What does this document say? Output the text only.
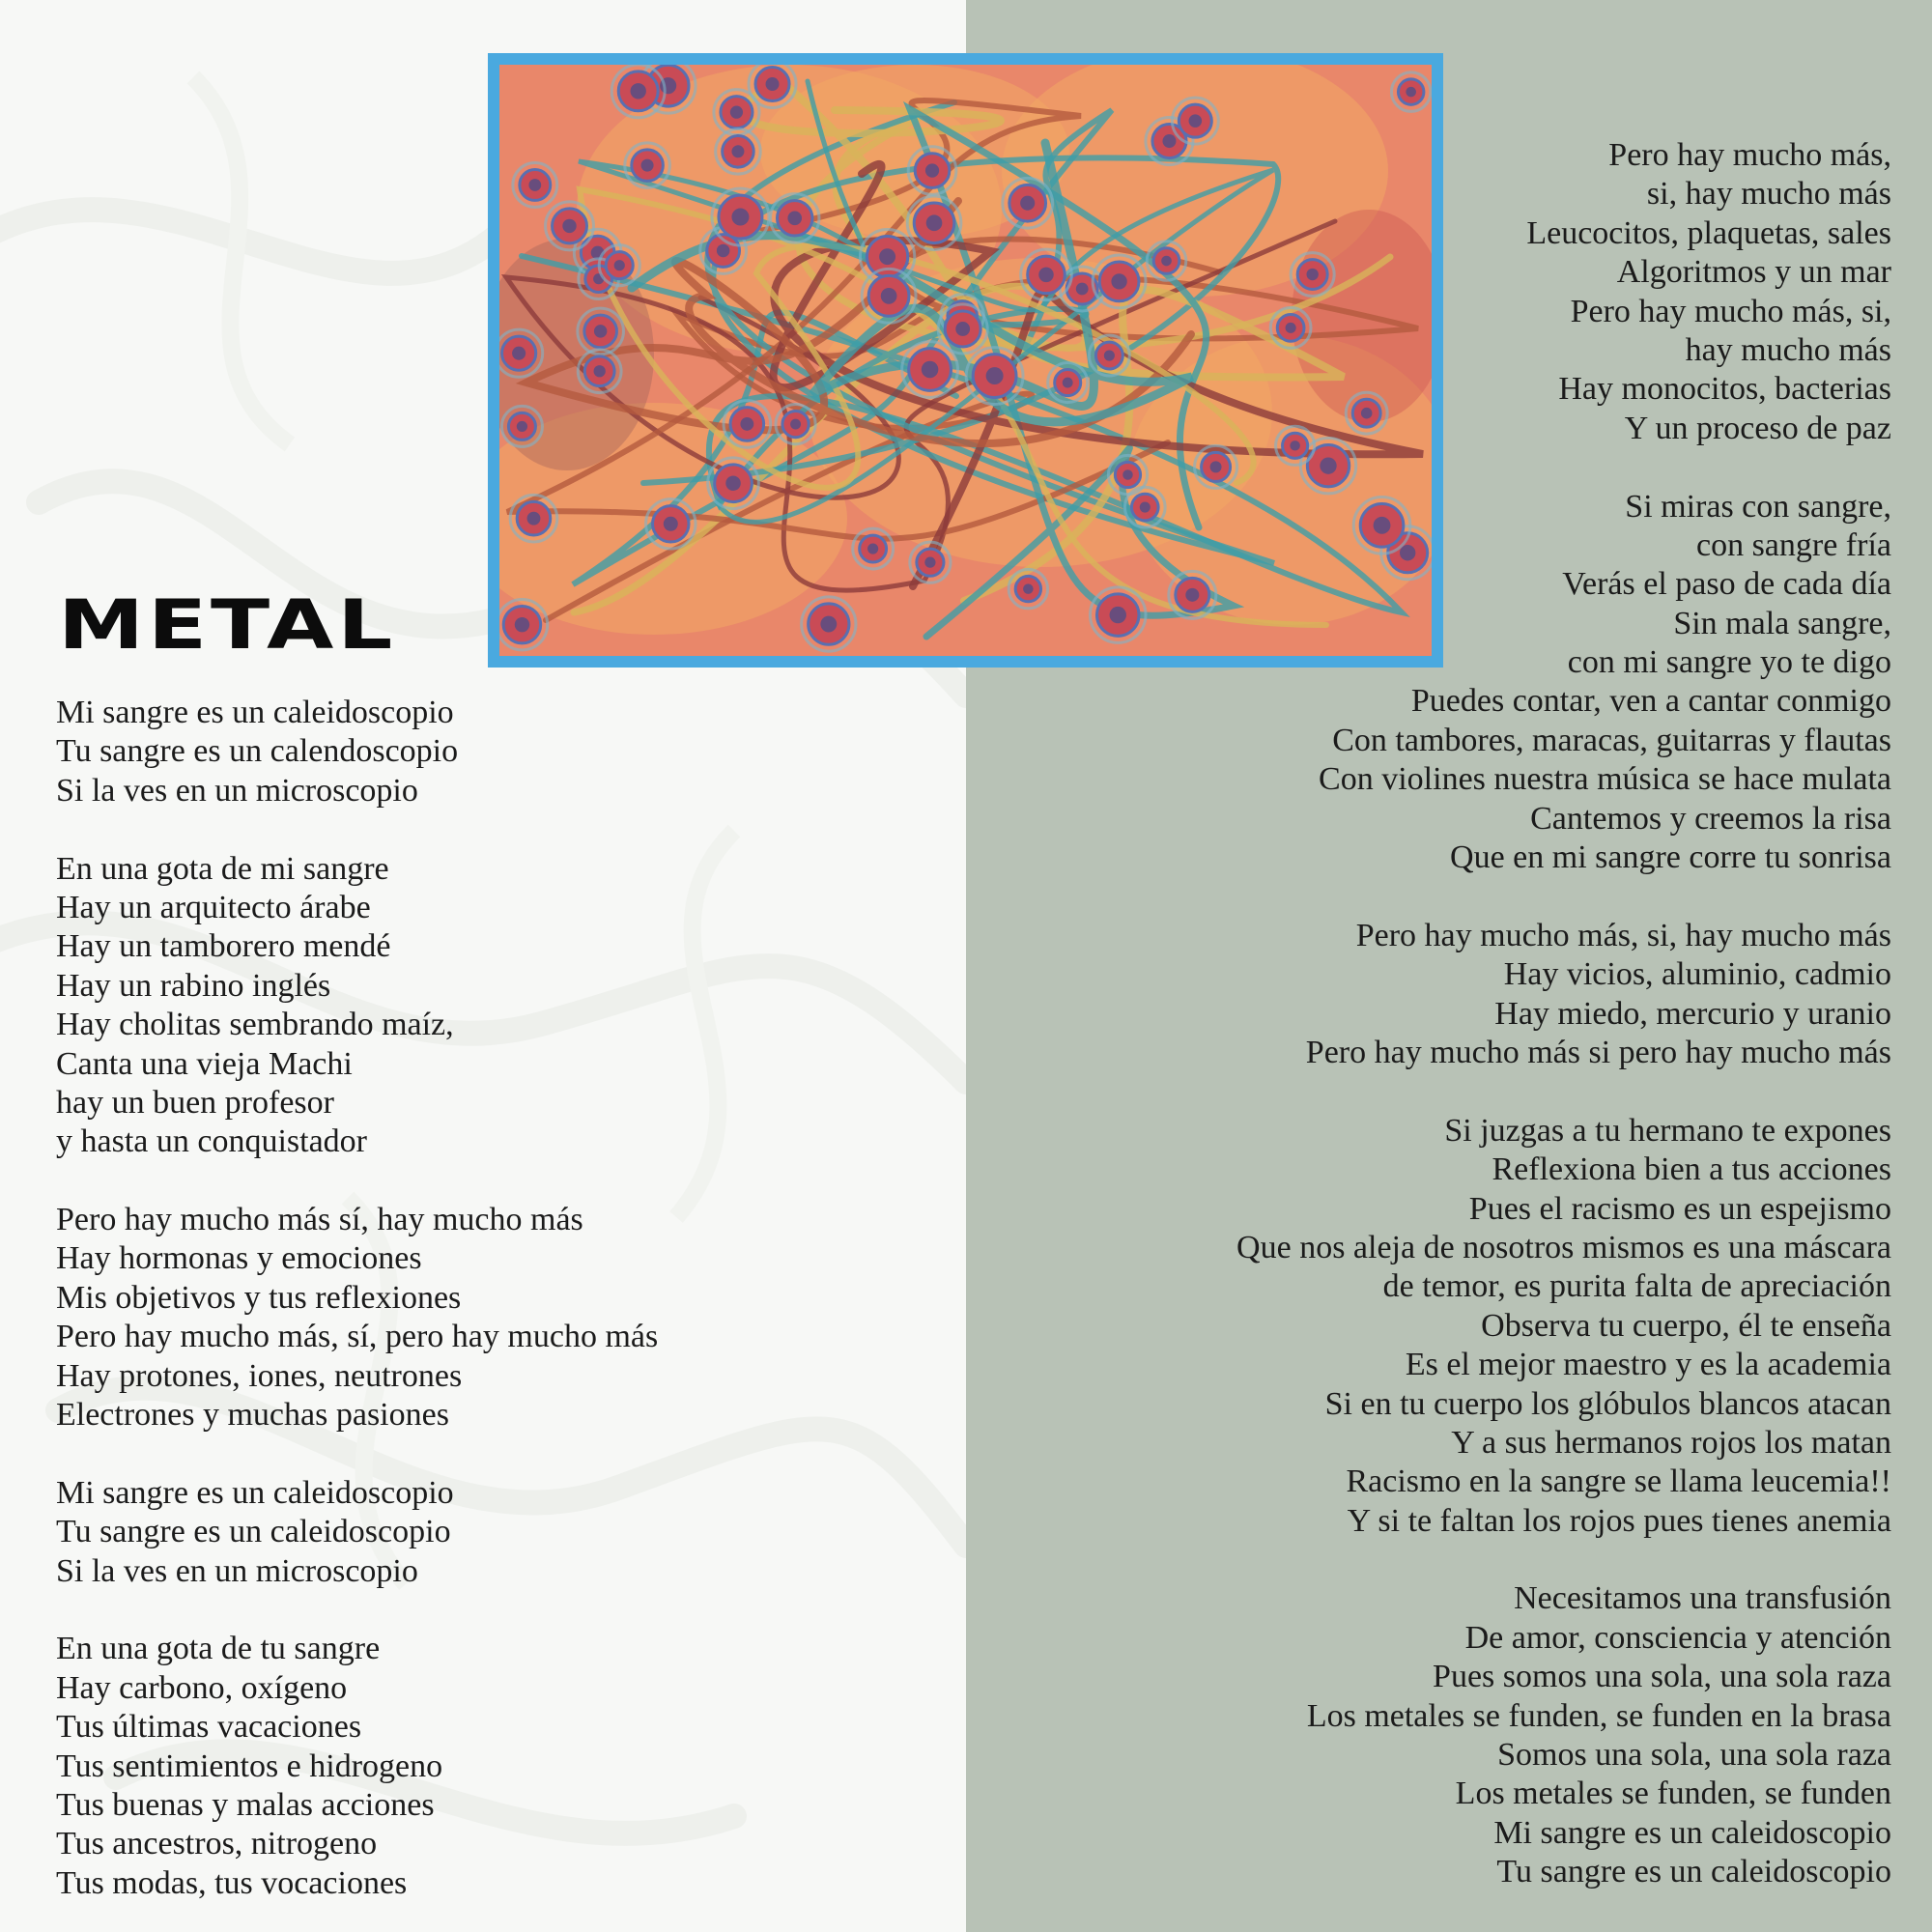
METAL
Mi sangre es un caleidoscopio
Tu sangre es un calendoscopio
Si la ves en un microscopio
En una gota de mi sangre
Hay un arquitecto árabe
Hay un tamborero mendé
Hay un rabino inglés
Hay cholitas sembrando maíz,
Canta una vieja Machi
hay un buen profesor
y hasta un conquistador
Pero hay mucho más sí, hay mucho más
Hay hormonas y emociones
Mis objetivos y tus reflexiones
Pero hay mucho más, sí, pero hay mucho más
Hay protones, iones, neutrones
Electrones y muchas pasiones
Mi sangre es un caleidoscopio
Tu sangre es un caleidoscopio
Si la ves en un microscopio
En una gota de tu sangre
Hay carbono, oxígeno
Tus últimas vacaciones
Tus sentimientos e hidrogeno
Tus buenas y malas acciones
Tus ancestros, nitrogeno
Tus modas, tus vocaciones
Pero hay mucho más,
si, hay mucho más
Leucocitos, plaquetas, sales
Algoritmos y un mar
Pero hay mucho más, si,
hay mucho más
Hay monocitos, bacterias
Y un proceso de paz
Si miras con sangre,
con sangre fría
Verás el paso de cada día
Sin mala sangre,
con mi sangre yo te digo
Puedes contar, ven a cantar conmigo
Con tambores, maracas, guitarras y flautas
Con violines nuestra música se hace mulata
Cantemos y creemos la risa
Que en mi sangre corre tu sonrisa
Pero hay mucho más, si, hay mucho más
Hay vicios, aluminio, cadmio
Hay miedo, mercurio y uranio
Pero hay mucho más si pero hay mucho más
Si juzgas a tu hermano te expones
Reflexiona bien a tus acciones
Pues el racismo es un espejismo
Que nos aleja de nosotros mismos es una máscara
de temor, es purita falta de apreciación
Observa tu cuerpo, él te enseña
Es el mejor maestro y es la academia
Si en tu cuerpo los glóbulos blancos atacan
Y a sus hermanos rojos los matan
Racismo en la sangre se llama leucemia!!
Y si te faltan los rojos pues tienes anemia
Necesitamos una transfusión
De amor, consciencia y atención
Pues somos una sola, una sola raza
Los metales se funden, se funden en la brasa
Somos una sola, una sola raza
Los metales se funden, se funden
Mi sangre es un caleidoscopio
Tu sangre es un caleidoscopio
